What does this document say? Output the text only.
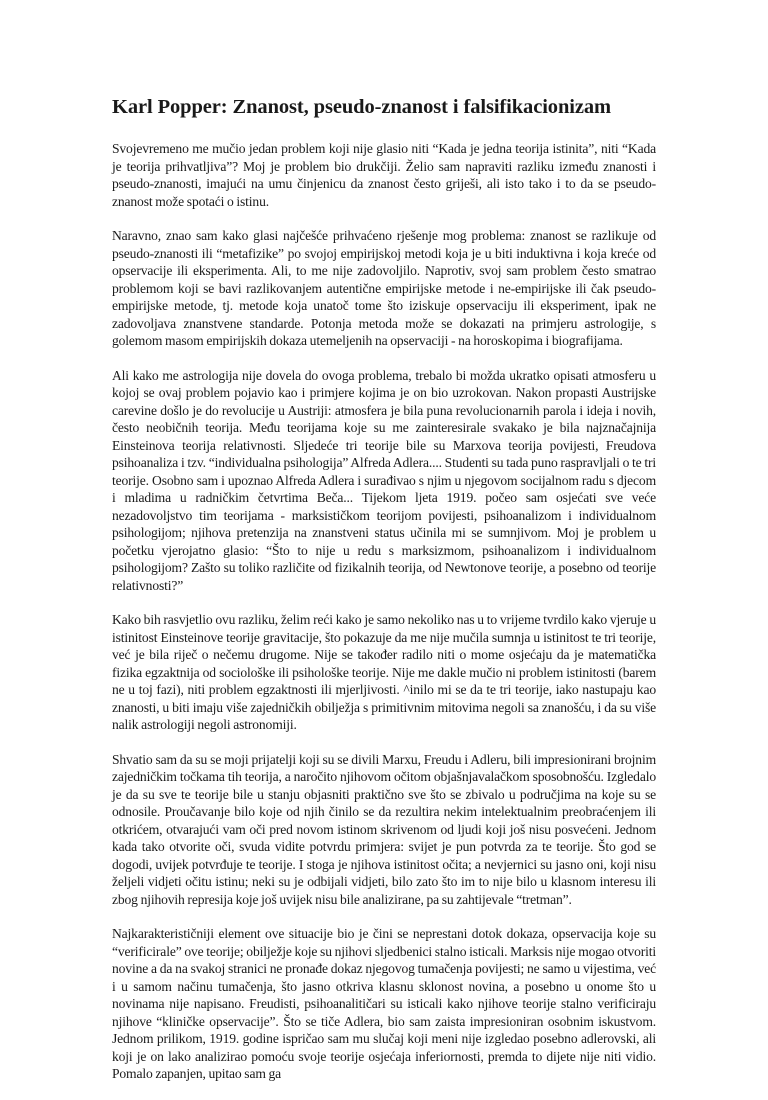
Karl Popper: Znanost, pseudo-znanost i falsifikacionizam

Svojevremeno me mučio jedan problem koji nije glasio niti “Kada je jedna teorija istinita”, niti “Kada je teorija prihvatljiva”? Moj je problem bio drukčiji. Želio sam napraviti razliku između znanosti i pseudo-znanosti, imajući na umu činjenicu da znanost često griješi, ali isto tako i to da se pseudo-znanost može spotaći o istinu.

Naravno, znao sam kako glasi najčešće prihvaćeno rješenje mog problema: znanost se razlikuje od pseudo-znanosti ili “metafizike” po svojoj empirijskoj metodi koja je u biti induktivna i koja kreće od opservacije ili eksperimenta. Ali, to me nije zadovoljilo. Naprotiv, svoj sam problem često smatrao problemom koji se bavi razlikovanjem autentične empirijske metode i ne-empirijske ili čak pseudo-empirijske metode, tj. metode koja unatoč tome što iziskuje opservaciju ili eksperiment, ipak ne zadovoljava znanstvene standarde. Potonja metoda može se dokazati na primjeru astrologije, s golemom masom empirijskih dokaza utemeljenih na opservaciji - na horoskopima i biografijama.

Ali kako me astrologija nije dovela do ovoga problema, trebalo bi možda ukratko opisati atmosferu u kojoj se ovaj problem pojavio kao i primjere kojima je on bio uzrokovan. Nakon propasti Austrijske carevine došlo je do revolucije u Austriji: atmosfera je bila puna revolucionarnih parola i ideja i novih, često neobičnih teorija. Među teorijama koje su me zainteresirale svakako je bila najznačajnija Einsteinova teorija relativnosti. Sljedeće tri teorije bile su Marxova teorija povijesti, Freudova psihoanaliza i tzv. “individualna psihologija” Alfreda Adlera.... Studenti su tada puno raspravljali o te tri teorije. Osobno sam i upoznao Alfreda Adlera i surađivao s njim u njegovom socijalnom radu s djecom i mladima u radničkim četvrtima Beča... Tijekom ljeta 1919. počeo sam osjećati sve veće nezadovoljstvo tim teorijama - marksističkom teorijom povijesti, psihoanalizom i individualnom psihologijom; njihova pretenzija na znanstveni status učinila mi se sumnjivom. Moj je problem u početku vjerojatno glasio: “Što to nije u redu s marksizmom, psihoanalizom i individualnom psihologijom? Zašto su toliko različite od fizikalnih teorija, od Newtonove teorije, a posebno od teorije relativnosti?”

Kako bih rasvjetlio ovu razliku, želim reći kako je samo nekoliko nas u to vrijeme tvrdilo kako vjeruje u istinitost Einsteinove teorije gravitacije, što pokazuje da me nije mučila sumnja u istinitost te tri teorije, već je bila riječ o nečemu drugome. Nije se također radilo niti o mome osjećaju da je matematička fizika egzaktnija od sociološke ili psihološke teorije. Nije me dakle mučio ni problem istinitosti (barem ne u toj fazi), niti problem egzaktnosti ili mjerljivosti. ^inilo mi se da te tri teorije, iako nastupaju kao znanosti, u biti imaju više zajedničkih obilježja s primitivnim mitovima negoli sa znanošću, i da su više nalik astrologiji negoli astronomiji.

Shvatio sam da su se moji prijatelji koji su se divili Marxu, Freudu i Adleru, bili impresionirani brojnim zajedničkim točkama tih teorija, a naročito njihovom očitom objašnjavalačkom sposobnošću. Izgledalo je da su sve te teorije bile u stanju objasniti praktično sve što se zbivalo u područjima na koje su se odnosile. Proučavanje bilo koje od njih činilo se da rezultira nekim intelektualnim preobraćenjem ili otkrićem, otvarajući vam oči pred novom istinom skrivenom od ljudi koji još nisu posvećeni. Jednom kada tako otvorite oči, svuda vidite potvrdu primjera: svijet je pun potvrda za te teorije. Što god se dogodi, uvijek potvrđuje te teorije. I stoga je njihova istinitost očita; a nevjernici su jasno oni, koji nisu željeli vidjeti očitu istinu; neki su je odbijali vidjeti, bilo zato što im to nije bilo u klasnom interesu ili zbog njihovih represija koje još uvijek nisu bile analizirane, pa su zahtijevale “tretman”.

Najkarakterističniji element ove situacije bio je čini se neprestani dotok dokaza, opservacija koje su “verificirale” ove teorije; obilježje koje su njihovi sljedbenici stalno isticali. Marksis nije mogao otvoriti novine a da na svakoj stranici ne pronađe dokaz njegovog tumačenja povijesti; ne samo u vijestima, već i u samom načinu tumačenja, što jasno otkriva klasnu sklonost novina, a posebno u onome što u novinama nije napisano. Freudisti, psihoanalitičari su isticali kako njihove teorije stalno verificiraju njihove “kliničke opservacije”. Što se tiče Adlera, bio sam zaista impresioniran osobnim iskustvom. Jednom prilikom, 1919. godine ispričao sam mu slučaj koji meni nije izgledao posebno adlerovski, ali koji je on lako analizirao pomoću svoje teorije osjećaja inferiornosti, premda to dijete nije niti vidio. Pomalo zapanjen, upitao sam ga
